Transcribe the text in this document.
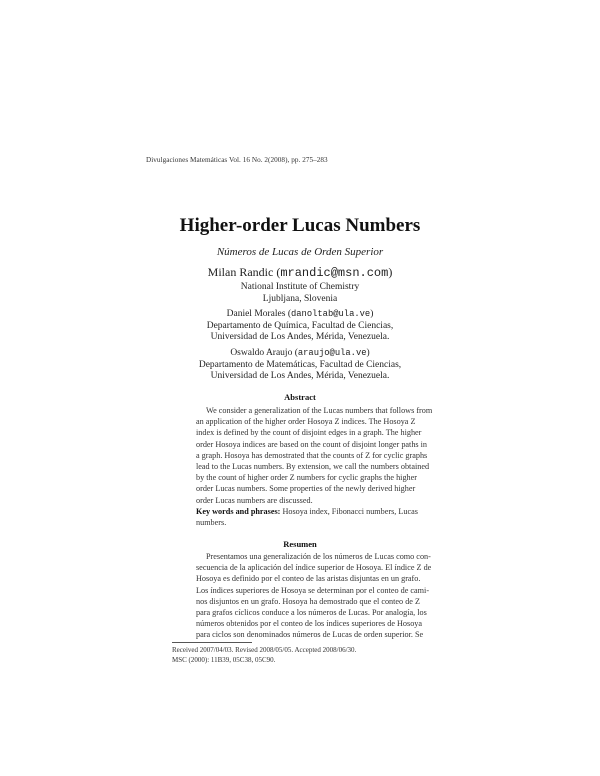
Divulgaciones Matemáticas Vol. 16 No. 2(2008), pp. 275–283
Higher-order Lucas Numbers
Números de Lucas de Orden Superior
Milan Randic (mrandic@msn.com)
National Institute of Chemistry
Ljubljana, Slovenia
Daniel Morales (danoltab@ula.ve)
Departamento de Química, Facultad de Ciencias,
Universidad de Los Andes, Mérida, Venezuela.
Oswaldo Araujo (araujo@ula.ve)
Departamento de Matemáticas, Facultad de Ciencias,
Universidad de Los Andes, Mérida, Venezuela.
Abstract
We consider a generalization of the Lucas numbers that follows from
an application of the higher order Hosoya Z indices. The Hosoya Z
index is defined by the count of disjoint edges in a graph. The higher
order Hosoya indices are based on the count of disjoint longer paths in
a graph. Hosoya has demostrated that the counts of Z for cyclic graphs
lead to the Lucas numbers. By extension, we call the numbers obtained
by the count of higher order Z numbers for cyclic graphs the higher
order Lucas numbers. Some properties of the newly derived higher
order Lucas numbers are discussed.
Key words and phrases: Hosoya index, Fibonacci numbers, Lucas
numbers.
Resumen
Presentamos una generalización de los números de Lucas como con-
secuencia de la aplicación del índice superior de Hosoya. El índice Z de
Hosoya es definido por el conteo de las aristas disjuntas en un grafo.
Los índices superiores de Hosoya se determinan por el conteo de cami-
nos disjuntos en un grafo. Hosoya ha demostrado que el conteo de Z
para grafos cíclicos conduce a los números de Lucas. Por analogía, los
números obtenidos por el conteo de los índices superiores de Hosoya
para ciclos son denominados números de Lucas de orden superior. Se
Received 2007/04/03. Revised 2008/05/05. Accepted 2008/06/30.
MSC (2000): 11B39, 05C38, 05C90.
